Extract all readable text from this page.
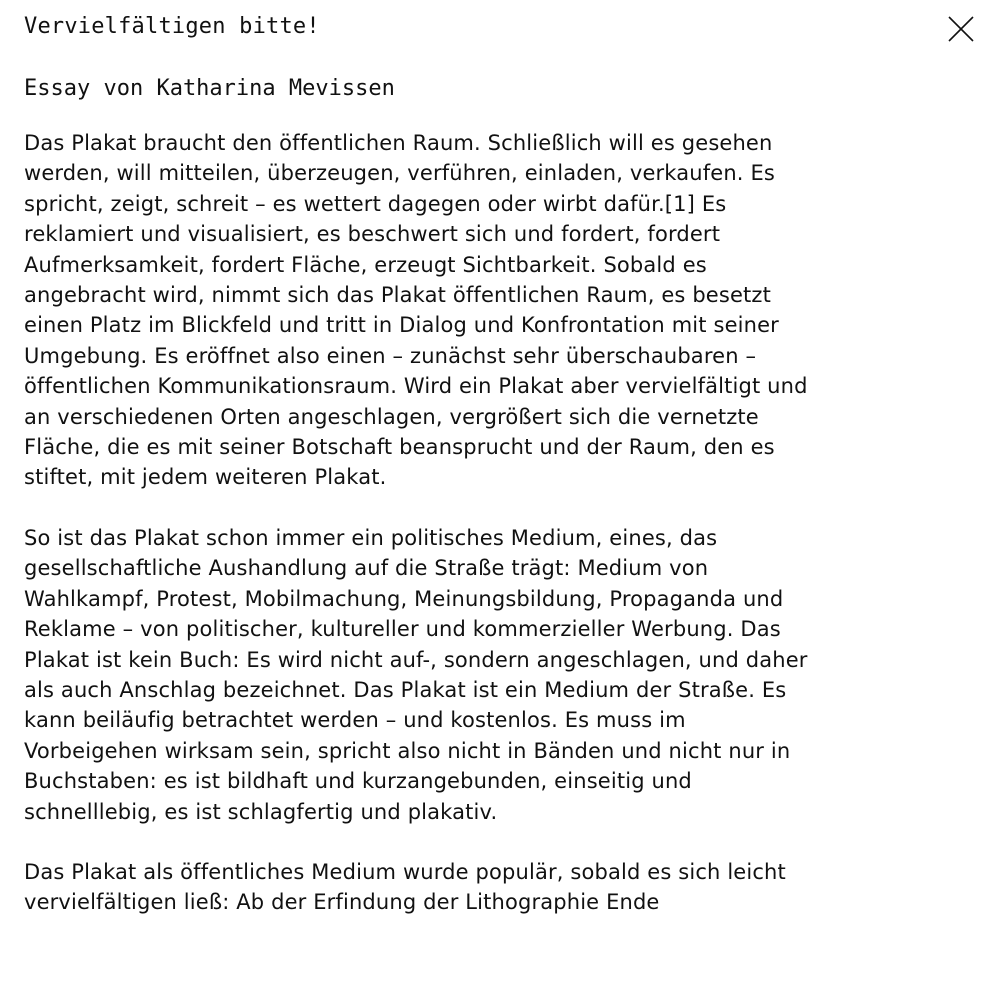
Vervielfältigen bitte!
Essay von Katharina Mevissen

Das Plakat braucht den öffentlichen Raum. Schließlich will es gesehen werden, will mitteilen, überzeugen, verführen, einladen, verkaufen. Es spricht, zeigt, schreit – es wettert dagegen oder wirbt dafür.[1] Es reklamiert und visualisiert, es beschwert sich und fordert, fordert Aufmerksamkeit, fordert Fläche, erzeugt Sichtbarkeit. Sobald es angebracht wird, nimmt sich das Plakat öffentlichen Raum, es besetzt einen Platz im Blickfeld und tritt in Dialog und Konfrontation mit seiner Umgebung. Es eröffnet also einen – zunächst sehr überschaubaren – öffentlichen Kommunikationsraum. Wird ein Plakat aber vervielfältigt und an verschiedenen Orten angeschlagen, vergrößert sich die vernetzte Fläche, die es mit seiner Botschaft beansprucht und der Raum, den es stiftet, mit jedem weiteren Plakat.

So ist das Plakat schon immer ein politisches Medium, eines, das gesellschaftliche Aushandlung auf die Straße trägt: Medium von Wahlkampf, Protest, Mobilmachung, Meinungsbildung, Propaganda und Reklame – von politischer, kultureller und kommerzieller Werbung. Das Plakat ist kein Buch: Es wird nicht auf-, sondern angeschlagen, und daher als auch Anschlag bezeichnet. Das Plakat ist ein Medium der Straße. Es kann beiläufig betrachtet werden – und kostenlos. Es muss im Vorbeigehen wirksam sein, spricht also nicht in Bänden und nicht nur in Buchstaben: es ist bildhaft und kurzangebunden, einseitig und schnelllebig, es ist schlagfertig und plakativ.

Das Plakat als öffentliches Medium wurde populär, sobald es sich leicht vervielfältigen ließ: Ab der Erfindung der Lithographie Ende
